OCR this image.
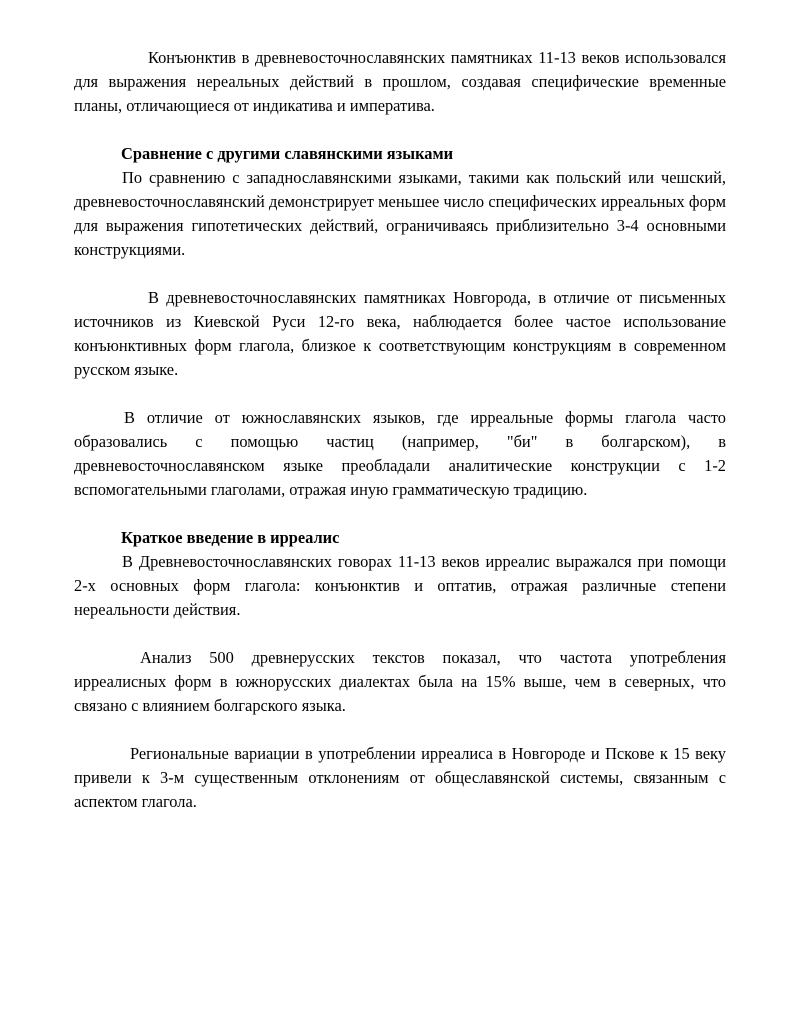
Конъюнктив в древневосточнославянских памятниках 11-13 веков использовался для выражения нереальных действий в прошлом, создавая специфические временные планы, отличающиеся от индикатива и императива.

Сравнение с другими славянскими языками

По сравнению с западнославянскими языками, такими как польский или чешский, древневосточнославянский демонстрирует меньшее число специфических ирреальных форм для выражения гипотетических действий, ограничиваясь приблизительно 3-4 основными конструкциями.

В древневосточнославянских памятниках Новгорода, в отличие от письменных источников из Киевской Руси 12-го века, наблюдается более частое использование конъюнктивных форм глагола, близкое к соответствующим конструкциям в современном русском языке.

В отличие от южнославянских языков, где ирреальные формы глагола часто образовались с помощью частиц (например, "би" в болгарском), в древневосточнославянском языке преобладали аналитические конструкции с 1-2 вспомогательными глаголами, отражая иную грамматическую традицию.

Краткое введение в ирреалис

В Древневосточнославянских говорах 11-13 веков ирреалис выражался при помощи 2-х основных форм глагола: конъюнктив и оптатив, отражая различные степени нереальности действия.

Анализ 500 древнерусских текстов показал, что частота употребления ирреалисных форм в южнорусских диалектах была на 15% выше, чем в северных, что связано с влиянием болгарского языка.

Региональные вариации в употреблении ирреалиса в Новгороде и Пскове к 15 веку привели к 3-м существенным отклонениям от общеславянской системы, связанным с аспектом глагола.
